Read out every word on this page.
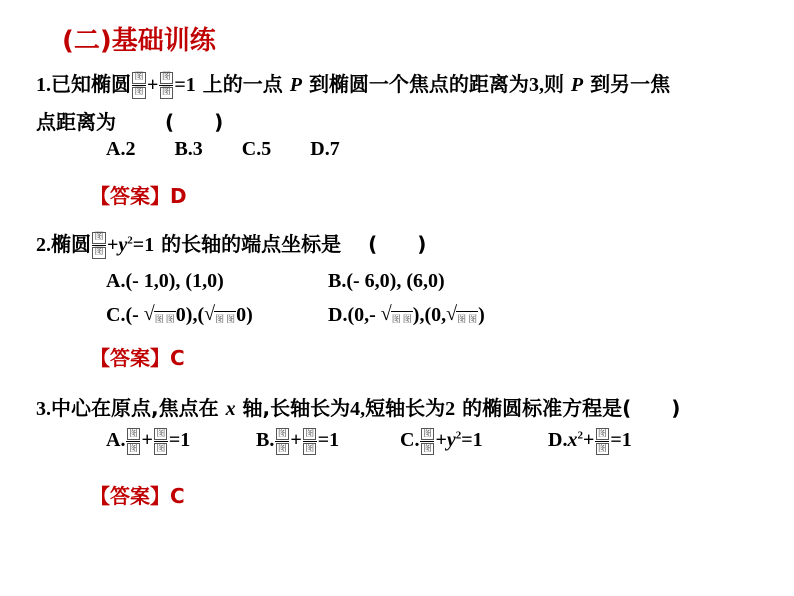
(二)基础训练
1.已知椭圆 $\frac{\text{图}}{\text{图}} + \frac{\text{图}}{\text{图}} =1$ 上的一点 P 到椭圆一个焦点的距离为3,则 P 到另一焦
点距离为 (　　)
A.2 B.3 C.5 D.7
【答案】D
2.椭圆 $\frac{\text{图}}{\text{图}} +y^2=1$ 的长轴的端点坐标是 (　　)
A.(- 1,0), (1,0)	B.(- 6,0), (6,0)
C.(- √ 图 图0),( √ 图 图0)	D.(0,- √ 图 图),(0, √ 图 图)
【答案】C
3.中心在原点,焦点在 x 轴,长轴长为4,短轴长为2 的椭圆标准方程是(　　)
A. $\frac{\text{图}}{\text{图}} + \frac{\text{图}}{\text{图}} =1$	B. $\frac{\text{图}}{\text{图}} + \frac{\text{图}}{\text{图}} =1$	C. $\frac{\text{图}}{\text{图}} +y^2=1$	$D.x^2+ \frac{\text{图}}{\text{图}} =1$
【答案】C
